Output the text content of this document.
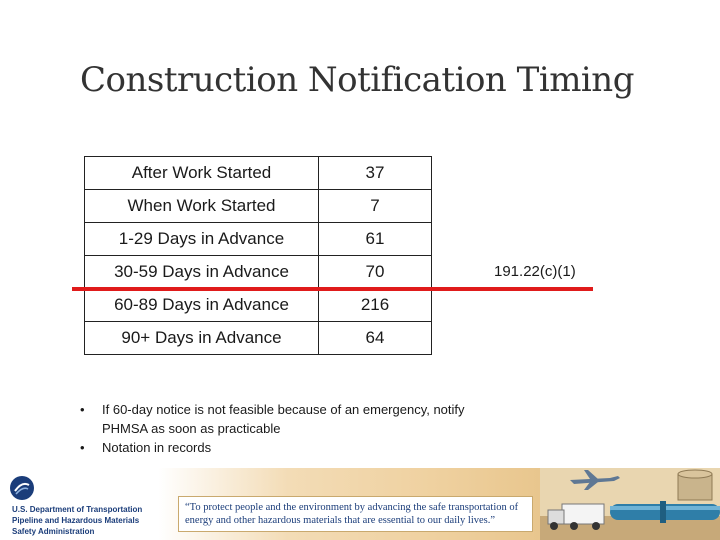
Construction Notification Timing
After Work Started	37
When Work Started	7
1-29 Days in Advance	61
30-59 Days in Advance	70
60-89 Days in Advance	216
90+ Days in Advance	64
191.22(c)(1)
• If 60-day notice is not feasible because of an emergency, notify PHMSA as soon as practicable
• Notation in records
U.S. Department of Transportation
Pipeline and Hazardous Materials
Safety Administration
“To protect people and the environment by advancing the safe transportation of energy and other hazardous materials that are essential to our daily lives.”
21
